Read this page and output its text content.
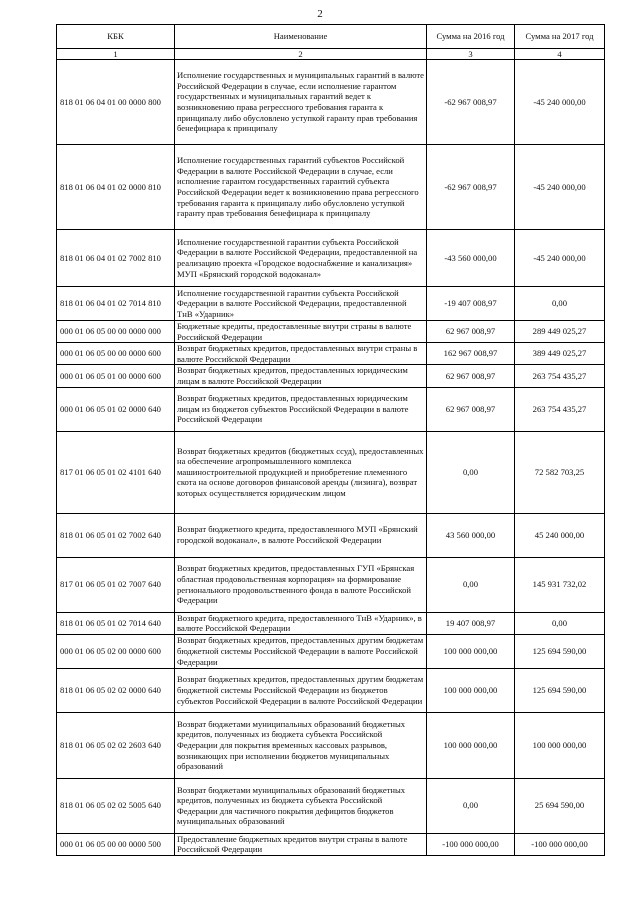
2
КБК	Наименование	Сумма на 2016 год	Сумма на 2017 год
1	2	3	4
818 01 06 04 01 00 0000 800	Исполнение государственных и муниципальных гарантий в валюте Российской Федерации в случае, если исполнение гарантом государственных и муниципальных гарантий ведет к возникновению права регрессного требования гаранта к принципалу либо обусловлено уступкой гаранту прав требования бенефициара к принципалу	-62 967 008,97	-45 240 000,00
818 01 06 04 01 02 0000 810	Исполнение государственных гарантий субъектов Российской Федерации в валюте Российской Федерации в случае, если исполнение гарантом государственных гарантий субъекта Российской Федерации ведет к возникновению права регрессного требования гаранта к принципалу либо обусловлено уступкой гаранту прав требования бенефициара к принципалу	-62 967 008,97	-45 240 000,00
818 01 06 04 01 02 7002 810	Исполнение государственной гарантии субъекта Российской Федерации в валюте Российской Федерации, предоставленной на реализацию проекта «Городское водоснабжение и канализация» МУП «Брянский городской водоканал»	-43 560 000,00	-45 240 000,00
818 01 06 04 01 02 7014 810	Исполнение государственной гарантии субъекта Российской Федерации в валюте Российской Федерации, предоставленной ТнВ «Ударник»	-19 407 008,97	0,00
000 01 06 05 00 00 0000 000	Бюджетные кредиты, предоставленные внутри страны в валюте Российской Федерации	62 967 008,97	289 449 025,27
000 01 06 05 00 00 0000 600	Возврат бюджетных кредитов, предоставленных внутри страны в валюте Российской Федерации	162 967 008,97	389 449 025,27
000 01 06 05 01 00 0000 600	Возврат бюджетных кредитов, предоставленных юридическим лицам в валюте Российской Федерации	62 967 008,97	263 754 435,27
000 01 06 05 01 02 0000 640	Возврат бюджетных кредитов, предоставленных юридическим лицам из бюджетов субъектов Российской Федерации в валюте Российской Федерации	62 967 008,97	263 754 435,27
817 01 06 05 01 02 4101 640	Возврат бюджетных кредитов (бюджетных ссуд), предоставленных на обеспечение агропромышленного комплекса машиностроительной продукцией и приобретение племенного скота на основе договоров финансовой аренды (лизинга), возврат которых осуществляется юридическим лицом	0,00	72 582 703,25
818 01 06 05 01 02 7002 640	Возврат бюджетного кредита, предоставленного МУП «Брянский городской водоканал», в валюте Российской Федерации	43 560 000,00	45 240 000,00
817 01 06 05 01 02 7007 640	Возврат бюджетных кредитов, предоставленных ГУП «Брянская областная продовольственная корпорация» на формирование регионального продовольственного фонда в валюте Российской Федерации	0,00	145 931 732,02
818 01 06 05 01 02 7014 640	Возврат бюджетного кредита, предоставленного ТнВ «Ударник», в валюте Российской Федерации	19 407 008,97	0,00
000 01 06 05 02 00 0000 600	Возврат бюджетных кредитов, предоставленных другим бюджетам бюджетной системы Российской Федерации в валюте Российской Федерации	100 000 000,00	125 694 590,00
818 01 06 05 02 02 0000 640	Возврат бюджетных кредитов, предоставленных другим бюджетам бюджетной системы Российской Федерации из бюджетов субъектов Российской Федерации в валюте Российской Федерации	100 000 000,00	125 694 590,00
818 01 06 05 02 02 2603 640	Возврат бюджетами муниципальных образований бюджетных кредитов, полученных из бюджета субъекта Российской Федерации для покрытия временных кассовых разрывов, возникающих при исполнении бюджетов муниципальных образований	100 000 000,00	100 000 000,00
818 01 06 05 02 02 5005 640	Возврат бюджетами муниципальных образований бюджетных кредитов, полученных из бюджета субъекта Российской Федерации для частичного покрытия дефицитов бюджетов муниципальных образований	0,00	25 694 590,00
000 01 06 05 00 00 0000 500	Предоставление бюджетных кредитов внутри страны в валюте Российской Федерации	-100 000 000,00	-100 000 000,00
